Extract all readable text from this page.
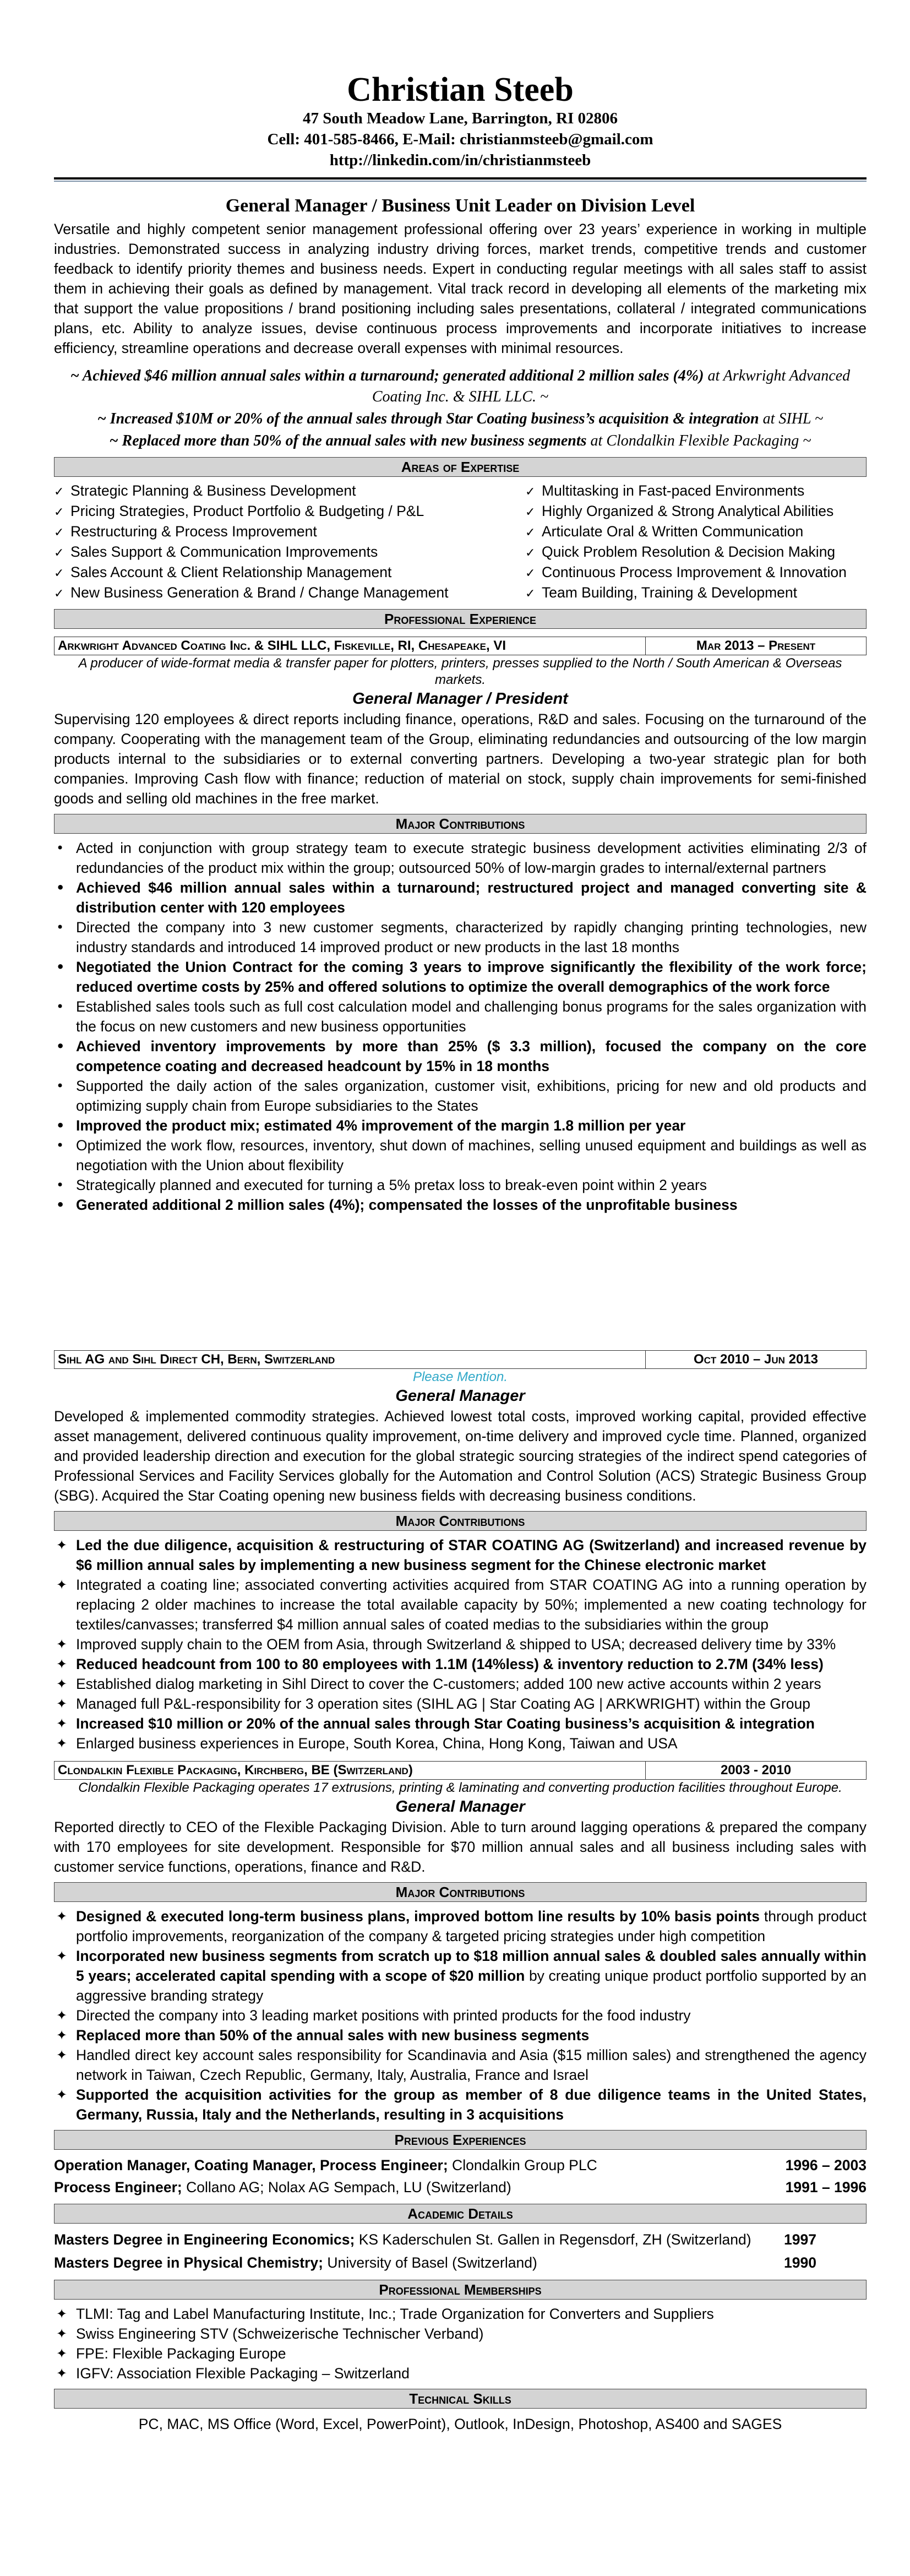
Christian Steeb
47 South Meadow Lane, Barrington, RI 02806
Cell: 401-585-8466, E-Mail: christianmsteeb@gmail.com
http://linkedin.com/in/christianmsteeb
General Manager / Business Unit Leader on Division Level
Versatile and highly competent senior management professional offering over 23 years’ experience in working in multiple industries. Demonstrated success in analyzing industry driving forces, market trends, competitive trends and customer feedback to identify priority themes and business needs. Expert in conducting regular meetings with all sales staff to assist them in achieving their goals as defined by management. Vital track record in developing all elements of the marketing mix that support the value propositions / brand positioning including sales presentations, collateral / integrated communications plans, etc. Ability to analyze issues, devise continuous process improvements and incorporate initiatives to increase efficiency, streamline operations and decrease overall expenses with minimal resources.
~ Achieved $46 million annual sales within a turnaround; generated additional 2 million sales (4%) at Arkwright Advanced Coating Inc. & SIHL LLC. ~
~ Increased $10M or 20% of the annual sales through Star Coating business’s acquisition & integration at SIHL ~
~ Replaced more than 50% of the annual sales with new business segments at Clondalkin Flexible Packaging ~
Areas of Expertise
✓ Strategic Planning & Business Development
✓ Pricing Strategies, Product Portfolio & Budgeting / P&L
✓ Restructuring & Process Improvement
✓ Sales Support & Communication Improvements
✓ Sales Account & Client Relationship Management
✓ New Business Generation & Brand / Change Management
✓ Multitasking in Fast-paced Environments
✓ Highly Organized & Strong Analytical Abilities
✓ Articulate Oral & Written Communication
✓ Quick Problem Resolution & Decision Making
✓ Continuous Process Improvement & Innovation
✓ Team Building, Training & Development
Professional Experience
Arkwright Advanced Coating Inc. & SIHL LLC, Fiskeville, RI, Chesapeake, VI	Mar 2013 – Present
A producer of wide-format media & transfer paper for plotters, printers, presses supplied to the North / South American & Overseas markets.
General Manager / President
Supervising 120 employees & direct reports including finance, operations, R&D and sales. Focusing on the turnaround of the company. Cooperating with the management team of the Group, eliminating redundancies and outsourcing of the low margin products internal to the subsidiaries or to external converting partners. Developing a two-year strategic plan for both companies. Improving Cash flow with finance; reduction of material on stock, supply chain improvements for semi-finished goods and selling old machines in the free market.
Major Contributions
• Acted in conjunction with group strategy team to execute strategic business development activities eliminating 2/3 of redundancies of the product mix within the group; outsourced 50% of low-margin grades to internal/external partners
• Achieved $46 million annual sales within a turnaround; restructured project and managed converting site & distribution center with 120 employees
• Directed the company into 3 new customer segments, characterized by rapidly changing printing technologies, new industry standards and introduced 14 improved product or new products in the last 18 months
• Negotiated the Union Contract for the coming 3 years to improve significantly the flexibility of the work force; reduced overtime costs by 25% and offered solutions to optimize the overall demographics of the work force
• Established sales tools such as full cost calculation model and challenging bonus programs for the sales organization with the focus on new customers and new business opportunities
• Achieved inventory improvements by more than 25% ($ 3.3 million), focused the company on the core competence coating and decreased headcount by 15% in 18 months
• Supported the daily action of the sales organization, customer visit, exhibitions, pricing for new and old products and optimizing supply chain from Europe subsidiaries to the States
• Improved the product mix; estimated 4% improvement of the margin 1.8 million per year
• Optimized the work flow, resources, inventory, shut down of machines, selling unused equipment and buildings as well as negotiation with the Union about flexibility
• Strategically planned and executed for turning a 5% pretax loss to break-even point within 2 years
• Generated additional 2 million sales (4%); compensated the losses of the unprofitable business
Sihl AG and Sihl Direct CH, Bern, Switzerland	Oct 2010 – Jun 2013
Please Mention.
General Manager
Developed & implemented commodity strategies. Achieved lowest total costs, improved working capital, provided effective asset management, delivered continuous quality improvement, on-time delivery and improved cycle time. Planned, organized and provided leadership direction and execution for the global strategic sourcing strategies of the indirect spend categories of Professional Services and Facility Services globally for the Automation and Control Solution (ACS) Strategic Business Group (SBG). Acquired the Star Coating opening new business fields with decreasing business conditions.
Major Contributions
✦ Led the due diligence, acquisition & restructuring of STAR COATING AG (Switzerland) and increased revenue by $6 million annual sales by implementing a new business segment for the Chinese electronic market
✦ Integrated a coating line; associated converting activities acquired from STAR COATING AG into a running operation by replacing 2 older machines to increase the total available capacity by 50%; implemented a new coating technology for textiles/canvasses; transferred $4 million annual sales of coated medias to the subsidiaries within the group
✦ Improved supply chain to the OEM from Asia, through Switzerland & shipped to USA; decreased delivery time by 33%
✦ Reduced headcount from 100 to 80 employees with 1.1M (14%less) & inventory reduction to 2.7M (34% less)
✦ Established dialog marketing in Sihl Direct to cover the C-customers; added 100 new active accounts within 2 years
✦ Managed full P&L-responsibility for 3 operation sites (SIHL AG | Star Coating AG | ARKWRIGHT) within the Group
✦ Increased $10 million or 20% of the annual sales through Star Coating business’s acquisition & integration
✦ Enlarged business experiences in Europe, South Korea, China, Hong Kong, Taiwan and USA
Clondalkin Flexible Packaging, Kirchberg, BE (Switzerland)	2003 - 2010
Clondalkin Flexible Packaging operates 17 extrusions, printing & laminating and converting production facilities throughout Europe.
General Manager
Reported directly to CEO of the Flexible Packaging Division. Able to turn around lagging operations & prepared the company with 170 employees for site development. Responsible for $70 million annual sales and all business including sales with customer service functions, operations, finance and R&D.
Major Contributions
✦ Designed & executed long-term business plans, improved bottom line results by 10% basis points through product portfolio improvements, reorganization of the company & targeted pricing strategies under high competition
✦ Incorporated new business segments from scratch up to $18 million annual sales & doubled sales annually within 5 years; accelerated capital spending with a scope of $20 million by creating unique product portfolio supported by an aggressive branding strategy
✦ Directed the company into 3 leading market positions with printed products for the food industry
✦ Replaced more than 50% of the annual sales with new business segments
✦ Handled direct key account sales responsibility for Scandinavia and Asia ($15 million sales) and strengthened the agency network in Taiwan, Czech Republic, Germany, Italy, Australia, France and Israel
✦ Supported the acquisition activities for the group as member of 8 due diligence teams in the United States, Germany, Russia, Italy and the Netherlands, resulting in 3 acquisitions
Previous Experiences
Operation Manager, Coating Manager, Process Engineer; Clondalkin Group PLC	1996 – 2003
Process Engineer; Collano AG; Nolax AG Sempach, LU (Switzerland)	1991 – 1996
Academic Details
Masters Degree in Engineering Economics; KS Kaderschulen St. Gallen in Regensdorf, ZH (Switzerland)	1997
Masters Degree in Physical Chemistry; University of Basel (Switzerland)	1990
Professional Memberships
✦ TLMI: Tag and Label Manufacturing Institute, Inc.; Trade Organization for Converters and Suppliers
✦ Swiss Engineering STV (Schweizerische Technischer Verband)
✦ FPE: Flexible Packaging Europe
✦ IGFV: Association Flexible Packaging – Switzerland
Technical Skills
PC, MAC, MS Office (Word, Excel, PowerPoint), Outlook, InDesign, Photoshop, AS400 and SAGES
